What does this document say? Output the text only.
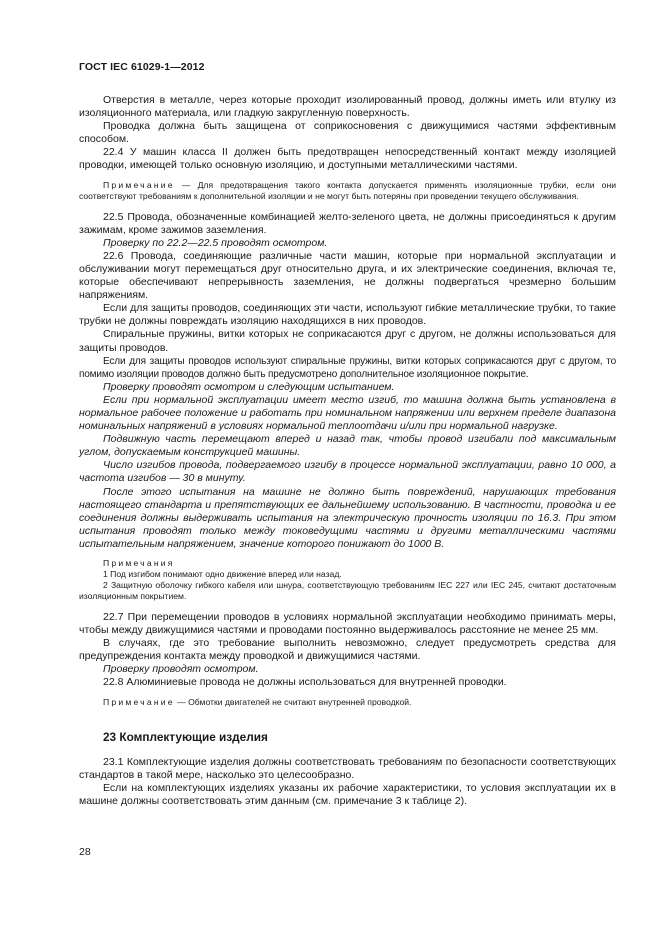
ГОСТ IEC 61029-1—2012

Отверстия в металле, через которые проходит изолированный провод, должны иметь или втулку из изоляционного материала, или гладкую закругленную поверхность.

Проводка должна быть защищена от соприкосновения с движущимися частями эффективным способом.

22.4 У машин класса II должен быть предотвращен непосредственный контакт между изоляцией проводки, имеющей только основную изоляцию, и доступными металлическими частями.

Примечание — Для предотвращения такого контакта допускается применять изоляционные трубки, если они соответствуют требованиям к дополнительной изоляции и не могут быть потеряны при проведении текущего обслуживания.

22.5 Провода, обозначенные комбинацией желто-зеленого цвета, не должны присоединяться к другим зажимам, кроме зажимов заземления.

Проверку по 22.2—22.5 проводят осмотром.

22.6 Провода, соединяющие различные части машин, которые при нормальной эксплуатации и обслуживании могут перемещаться друг относительно друга, и их электрические соединения, включая те, которые обеспечивают непрерывность заземления, не должны подвергаться чрезмерно большим напряжениям.

Если для защиты проводов, соединяющих эти части, используют гибкие металлические трубки, то такие трубки не должны повреждать изоляцию находящихся в них проводов.

Спиральные пружины, витки которых не соприкасаются друг с другом, не должны использоваться для защиты проводов.

Если для защиты проводов используют спиральные пружины, витки которых соприкасаются друг с другом, то помимо изоляции проводов должно быть предусмотрено дополнительное изоляционное покрытие.

Проверку проводят осмотром и следующим испытанием.

Если при нормальной эксплуатации имеет место изгиб, то машина должна быть установлена в нормальное рабочее положение и работать при номинальном напряжении или верхнем пределе диапазона номинальных напряжений в условиях нормальной теплоотдачи и/или при нормальной нагрузке.

Подвижную часть перемещают вперед и назад так, чтобы провод изгибали под максимальным углом, допускаемым конструкцией машины.

Число изгибов провода, подвергаемого изгибу в процессе нормальной эксплуатации, равно 10 000, а частота изгибов — 30 в минуту.

После этого испытания на машине не должно быть повреждений, нарушающих требования настоящего стандарта и препятствующих ее дальнейшему использованию. В частности, проводка и ее соединения должны выдерживать испытания на электрическую прочность изоляции по 16.3. При этом испытания проводят только между токоведущими частями и другими металлическими частями испытательным напряжением, значение которого понижают до 1000 В.

Примечания

1 Под изгибом понимают одно движение вперед или назад.

2 Защитную оболочку гибкого кабеля или шнура, соответствующую требованиям IEC 227 или IEC 245, считают достаточным изоляционным покрытием.

22.7 При перемещении проводов в условиях нормальной эксплуатации необходимо принимать меры, чтобы между движущимися частями и проводами постоянно выдерживалось расстояние не менее 25 мм.

В случаях, где это требование выполнить невозможно, следует предусмотреть средства для предупреждения контакта между проводкой и движущимися частями.

Проверку проводят осмотром.

22.8 Алюминиевые провода не должны использоваться для внутренней проводки.

Примечание — Обмотки двигателей не считают внутренней проводкой.

23 Комплектующие изделия

23.1 Комплектующие изделия должны соответствовать требованиям по безопасности соответствующих стандартов в такой мере, насколько это целесообразно.

Если на комплектующих изделиях указаны их рабочие характеристики, то условия эксплуатации их в машине должны соответствовать этим данным (см. примечание 3 к таблице 2).

28
